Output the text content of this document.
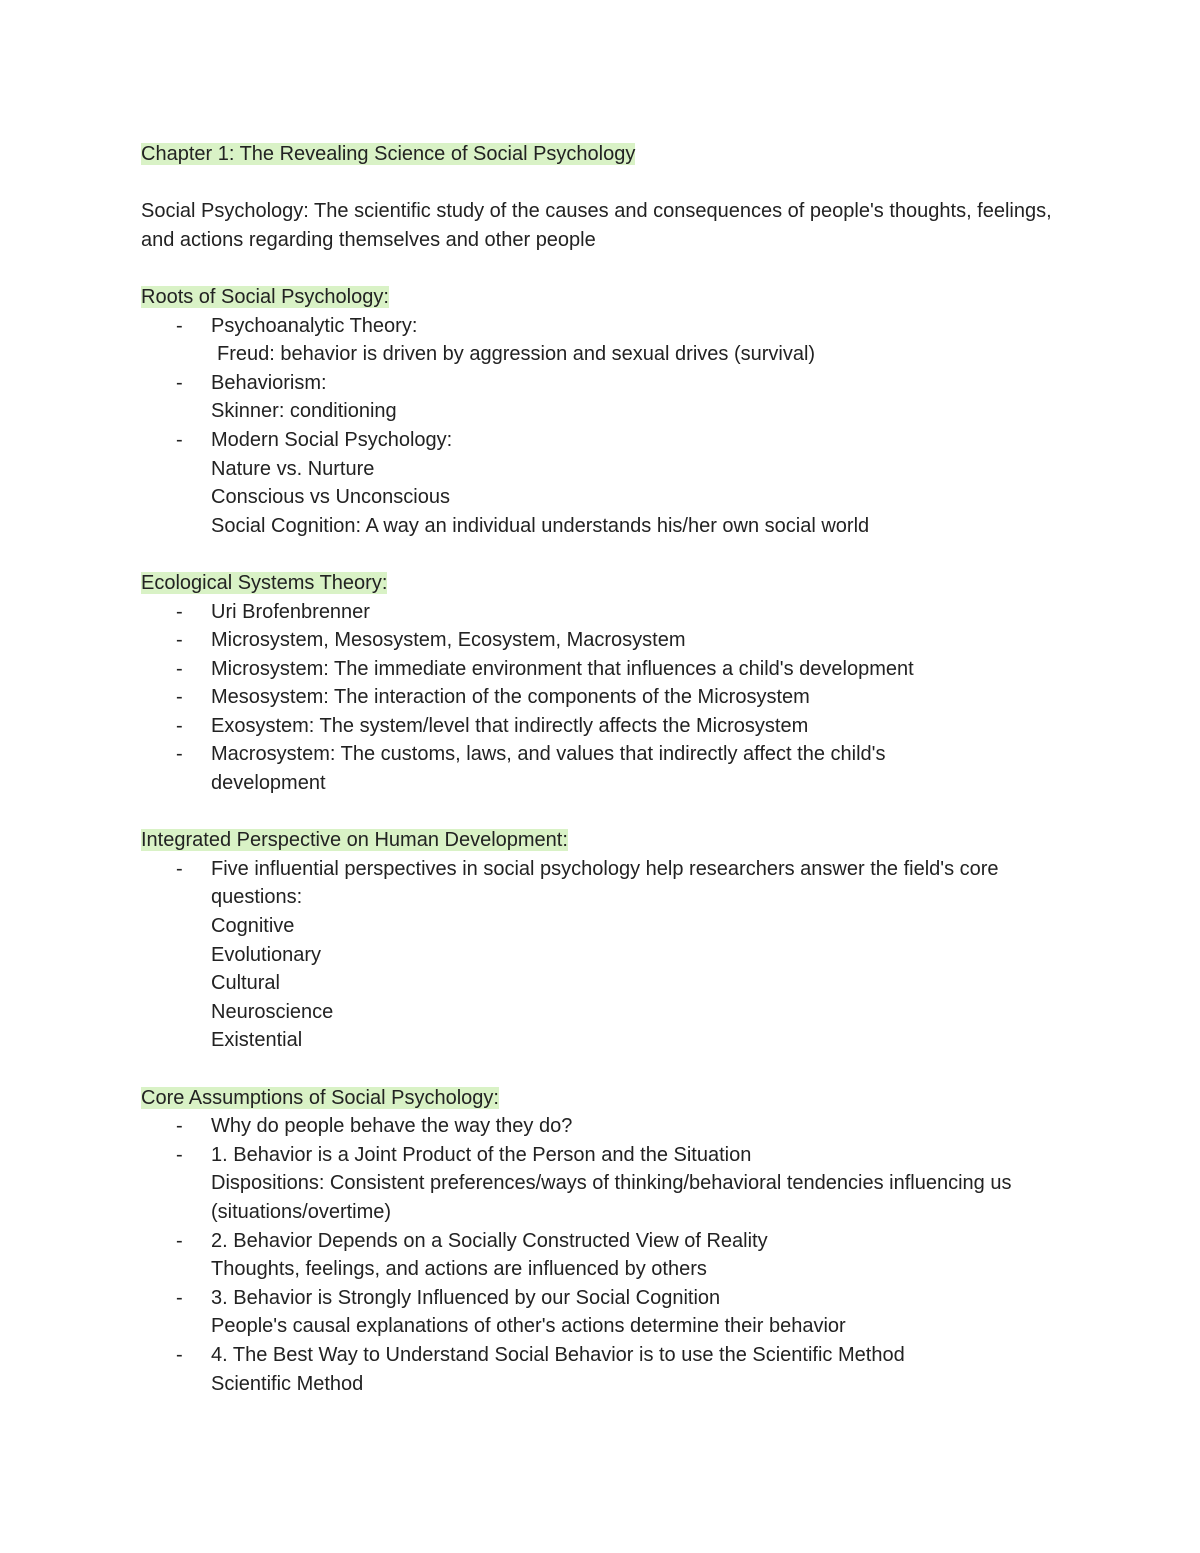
Chapter 1: The Revealing Science of Social Psychology

Social Psychology: The scientific study of the causes and consequences of people's thoughts, feelings, and actions regarding themselves and other people

Roots of Social Psychology:

- Psychoanalytic Theory:
Freud: behavior is driven by aggression and sexual drives (survival)
- Behaviorism:
Skinner: conditioning
- Modern Social Psychology:
Nature vs. Nurture
Conscious vs Unconscious
Social Cognition: A way an individual understands his/her own social world

Ecological Systems Theory:

- Uri Brofenbrenner
- Microsystem, Mesosystem, Ecosystem, Macrosystem
- Microsystem: The immediate environment that influences a child's development
- Mesosystem: The interaction of the components of the Microsystem
- Exosystem: The system/level that indirectly affects the Microsystem
- Macrosystem: The customs, laws, and values that indirectly affect the child's development

Integrated Perspective on Human Development:

- Five influential perspectives in social psychology help researchers answer the field's core questions:
Cognitive
Evolutionary
Cultural
Neuroscience
Existential

Core Assumptions of Social Psychology:

- Why do people behave the way they do?
- 1. Behavior is a Joint Product of the Person and the Situation
Dispositions: Consistent preferences/ways of thinking/behavioral tendencies influencing us (situations/overtime)
- 2. Behavior Depends on a Socially Constructed View of Reality
Thoughts, feelings, and actions are influenced by others
- 3. Behavior is Strongly Influenced by our Social Cognition
People's causal explanations of other's actions determine their behavior
- 4. The Best Way to Understand Social Behavior is to use the Scientific Method
Scientific Method
